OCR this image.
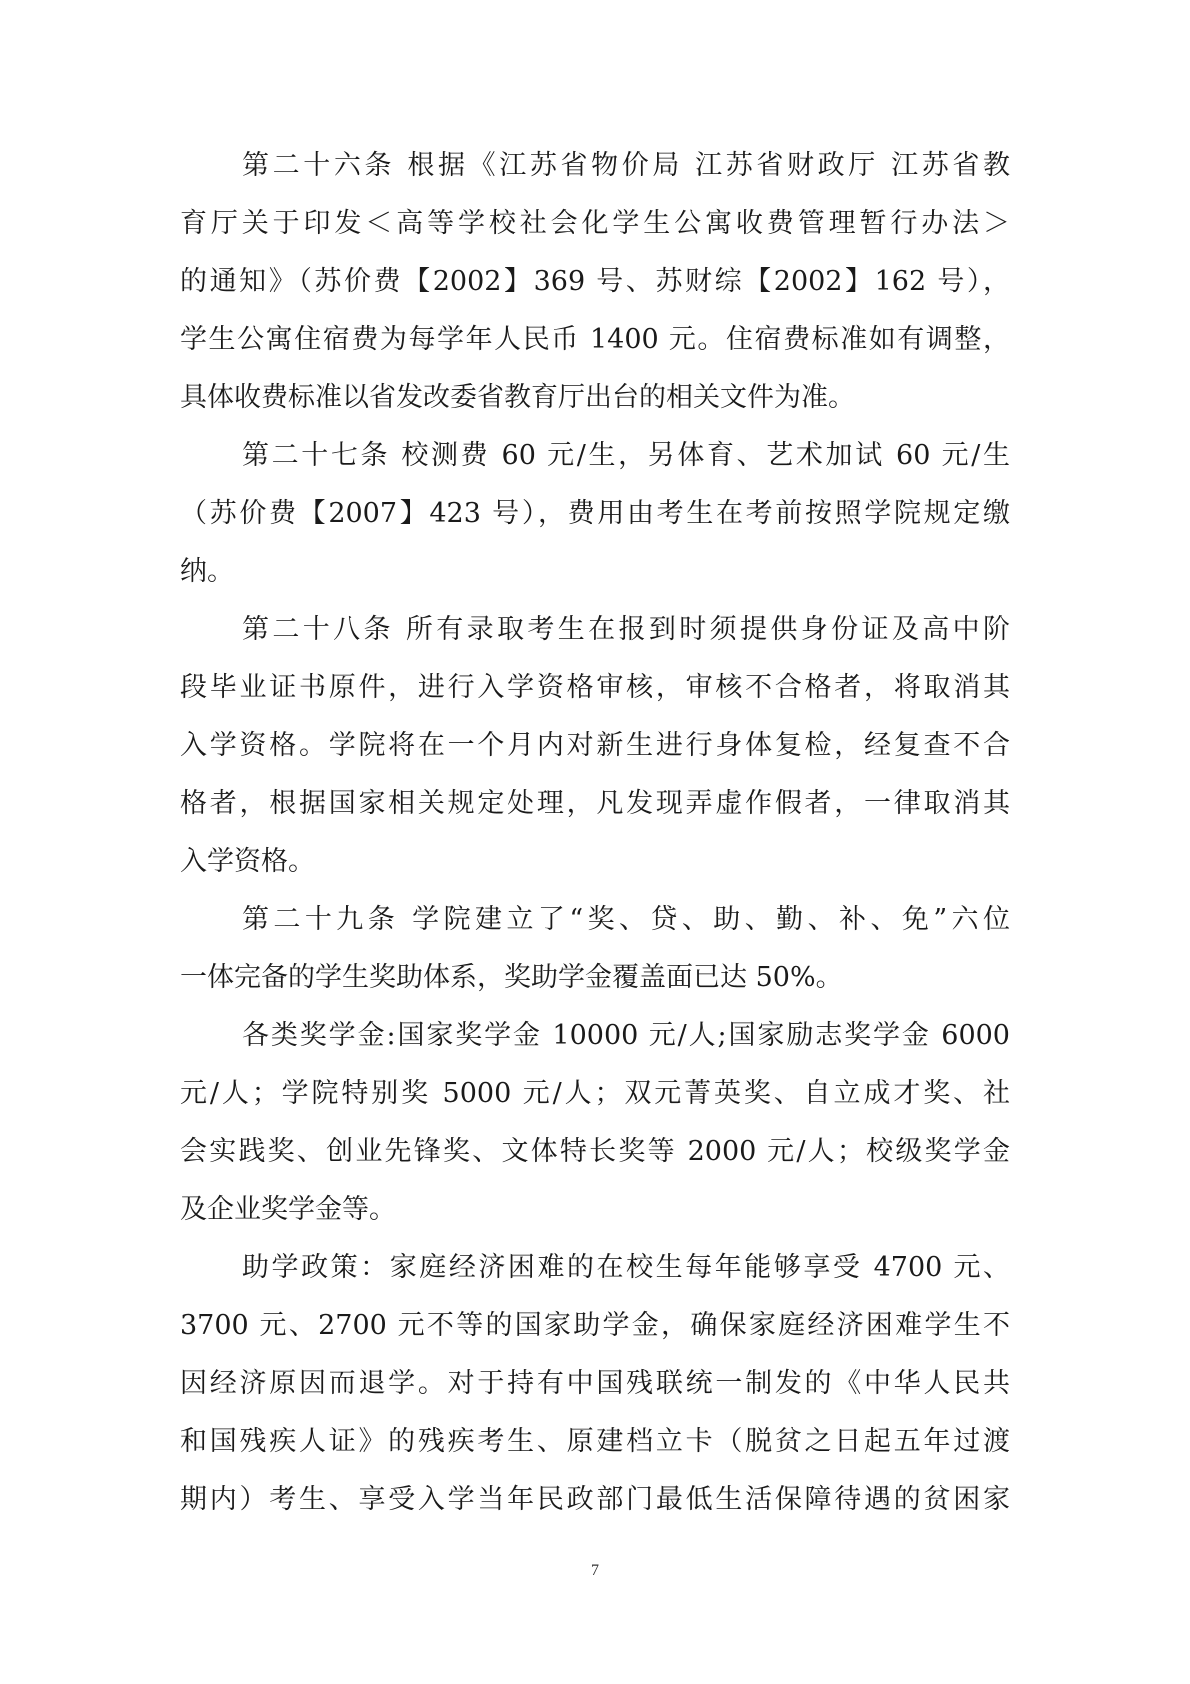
第二十六条 根据《江苏省物价局 江苏省财政厅 江苏省教
育厅关于印发＜高等学校社会化学生公寓收费管理暂行办法＞
的通知》（苏价费【2002】369 号、苏财综【2002】162 号），
学生公寓住宿费为每学年人民币 1400 元。住宿费标准如有调整，
具体收费标准以省发改委省教育厅出台的相关文件为准。
第二十七条 校测费 60 元/生，另体育、艺术加试 60 元/生
（苏价费【2007】423 号），费用由考生在考前按照学院规定缴
纳。
第二十八条 所有录取考生在报到时须提供身份证及高中阶
段毕业证书原件，进行入学资格审核，审核不合格者，将取消其
入学资格。学院将在一个月内对新生进行身体复检，经复查不合
格者，根据国家相关规定处理，凡发现弄虚作假者，一律取消其
入学资格。
第二十九条 学院建立了“奖、贷、助、勤、补、免”六位
一体完备的学生奖助体系，奖助学金覆盖面已达 50%。
各类奖学金:国家奖学金 10000 元/人;国家励志奖学金 6000
元/人；学院特别奖 5000 元/人；双元菁英奖、自立成才奖、社
会实践奖、创业先锋奖、文体特长奖等 2000 元/人；校级奖学金
及企业奖学金等。
助学政策：家庭经济困难的在校生每年能够享受 4700 元、
3700 元、2700 元不等的国家助学金，确保家庭经济困难学生不
因经济原因而退学。对于持有中国残联统一制发的《中华人民共
和国残疾人证》的残疾考生、原建档立卡（脱贫之日起五年过渡
期内）考生、享受入学当年民政部门最低生活保障待遇的贫困家
7
